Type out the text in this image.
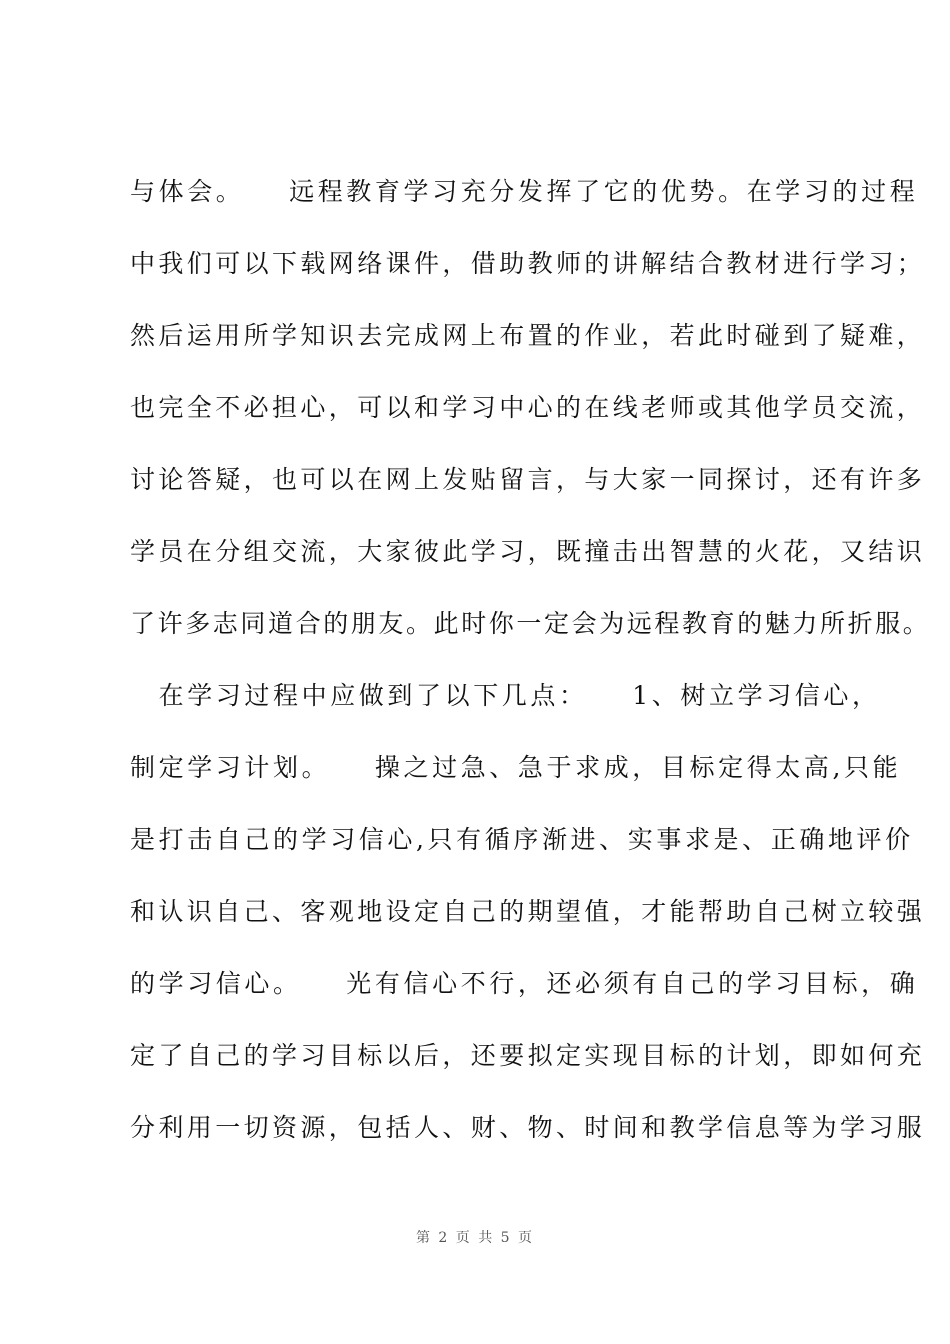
与体会。　　远程教育学习充分发挥了它的优势。在学习的过程
中我们可以下载网络课件，借助教师的讲解结合教材进行学习；
然后运用所学知识去完成网上布置的作业，若此时碰到了疑难，
也完全不必担心，可以和学习中心的在线老师或其他学员交流，
讨论答疑，也可以在网上发贴留言，与大家一同探讨，还有许多
学员在分组交流，大家彼此学习，既撞击出智慧的火花，又结识
了许多志同道合的朋友。此时你一定会为远程教育的魅力所折服。
　在学习过程中应做到了以下几点：　　1、树立学习信心，
制定学习计划。　　操之过急、急于求成，目标定得太高,只能
是打击自己的学习信心,只有循序渐进、实事求是、正确地评价
和认识自己、客观地设定自己的期望值，才能帮助自己树立较强
的学习信心。　　光有信心不行，还必须有自己的学习目标，确
定了自己的学习目标以后，还要拟定实现目标的计划，即如何充
分利用一切资源，包括人、财、物、时间和教学信息等为学习服
第 2 页 共 5 页
